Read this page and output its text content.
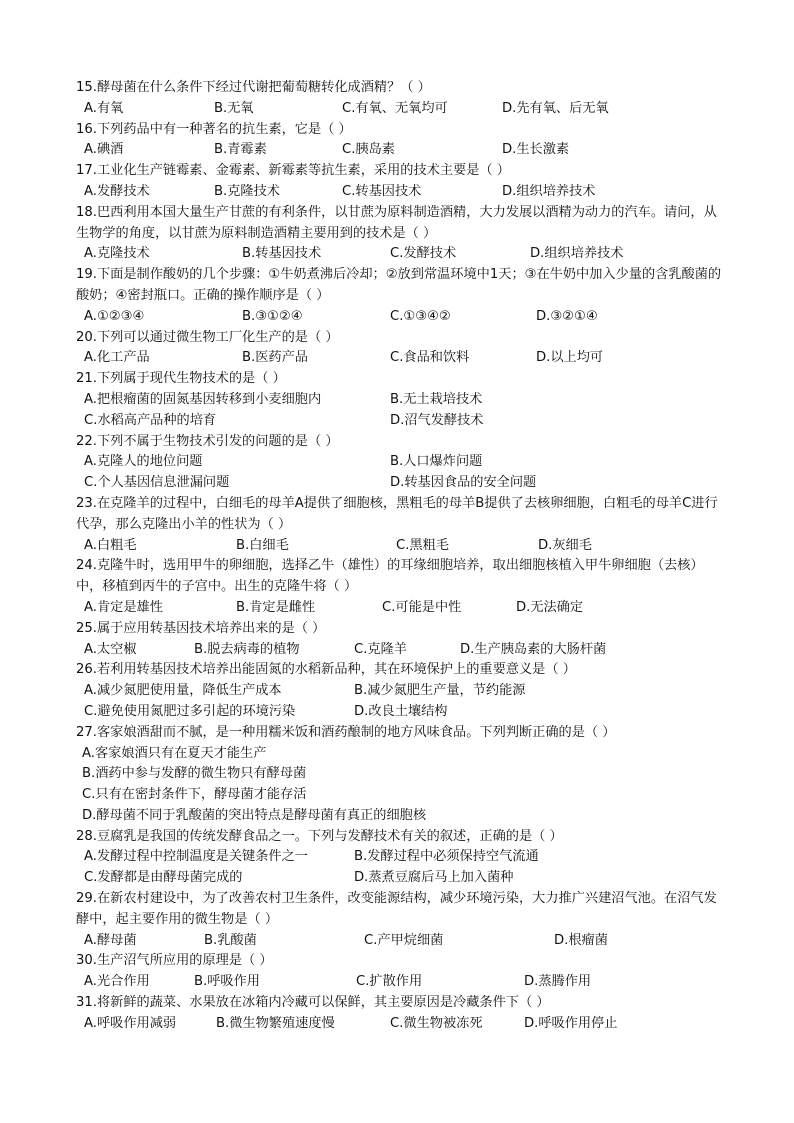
15.酵母菌在什么条件下经过代谢把葡萄糖转化成酒精？（ ）
A.有氧	B.无氧	C.有氧、无氧均可	D.先有氧、后无氧
16.下列药品中有一种著名的抗生素，它是（ ）
A.碘酒	B.青霉素	C.胰岛素	D.生长激素
17.工业化生产链霉素、金霉素、新霉素等抗生素，采用的技术主要是（ ）
A.发酵技术	B.克隆技术	C.转基因技术	D.组织培养技术
18.巴西利用本国大量生产甘蔗的有利条件，以甘蔗为原料制造酒精，大力发展以酒精为动力的汽车。请问，从生物学的角度，以甘蔗为原料制造酒精主要用到的技术是（ ）
A.克隆技术	B.转基因技术	C.发酵技术	D.组织培养技术
19.下面是制作酸奶的几个步骤：①牛奶煮沸后冷却；②放到常温环境中1天；③在牛奶中加入少量的含乳酸菌的酸奶；④密封瓶口。正确的操作顺序是（ ）
A.①②③④	B.③①②④	C.①③④②	D.③②①④
20.下列可以通过微生物工厂化生产的是（ ）
A.化工产品	B.医药产品	C.食品和饮料	D.以上均可
21.下列属于现代生物技术的是（ ）
A.把根瘤菌的固氮基因转移到小麦细胞内	B.无土栽培技术
C.水稻高产品种的培育	D.沼气发酵技术
22.下列不属于生物技术引发的问题的是（ ）
A.克隆人的地位问题	B.人口爆炸问题
C.个人基因信息泄漏问题	D.转基因食品的安全问题
23.在克隆羊的过程中，白细毛的母羊A提供了细胞核，黑粗毛的母羊B提供了去核卵细胞，白粗毛的母羊C进行代孕，那么克隆出小羊的性状为（ ）
A.白粗毛	B.白细毛	C.黑粗毛	D.灰细毛
24.克隆牛时，选用甲牛的卵细胞，选择乙牛（雄性）的耳缘细胞培养，取出细胞核植入甲牛卵细胞（去核）中，移植到丙牛的子宫中。出生的克隆牛将（ ）
A.肯定是雄性	B.肯定是雌性	C.可能是中性	D.无法确定
25.属于应用转基因技术培养出来的是（ ）
A.太空椒	B.脱去病毒的植物	C.克隆羊	D.生产胰岛素的大肠杆菌
26.若利用转基因技术培养出能固氮的水稻新品种，其在环境保护上的重要意义是（ ）
A.减少氮肥使用量，降低生产成本	B.减少氮肥生产量，节约能源
C.避免使用氮肥过多引起的环境污染	D.改良土壤结构
27.客家娘酒甜而不腻，是一种用糯米饭和酒药酿制的地方风味食品。下列判断正确的是（ ）
A.客家娘酒只有在夏天才能生产
B.酒药中参与发酵的微生物只有酵母菌
C.只有在密封条件下，酵母菌才能存活
D.酵母菌不同于乳酸菌的突出特点是酵母菌有真正的细胞核
28.豆腐乳是我国的传统发酵食品之一。下列与发酵技术有关的叙述，正确的是（ ）
A.发酵过程中控制温度是关键条件之一	B.发酵过程中必须保持空气流通
C.发酵都是由酵母菌完成的	D.蒸煮豆腐后马上加入菌种
29.在新农村建设中，为了改善农村卫生条件，改变能源结构，减少环境污染，大力推广兴建沼气池。在沼气发酵中，起主要作用的微生物是（ ）
A.酵母菌	B.乳酸菌	C.产甲烷细菌	D.根瘤菌
30.生产沼气所应用的原理是（ ）
A.光合作用	B.呼吸作用	C.扩散作用	D.蒸腾作用
31.将新鲜的蔬菜、水果放在冰箱内冷藏可以保鲜，其主要原因是冷藏条件下（ ）
A.呼吸作用减弱	B.微生物繁殖速度慢	C.微生物被冻死	D.呼吸作用停止
